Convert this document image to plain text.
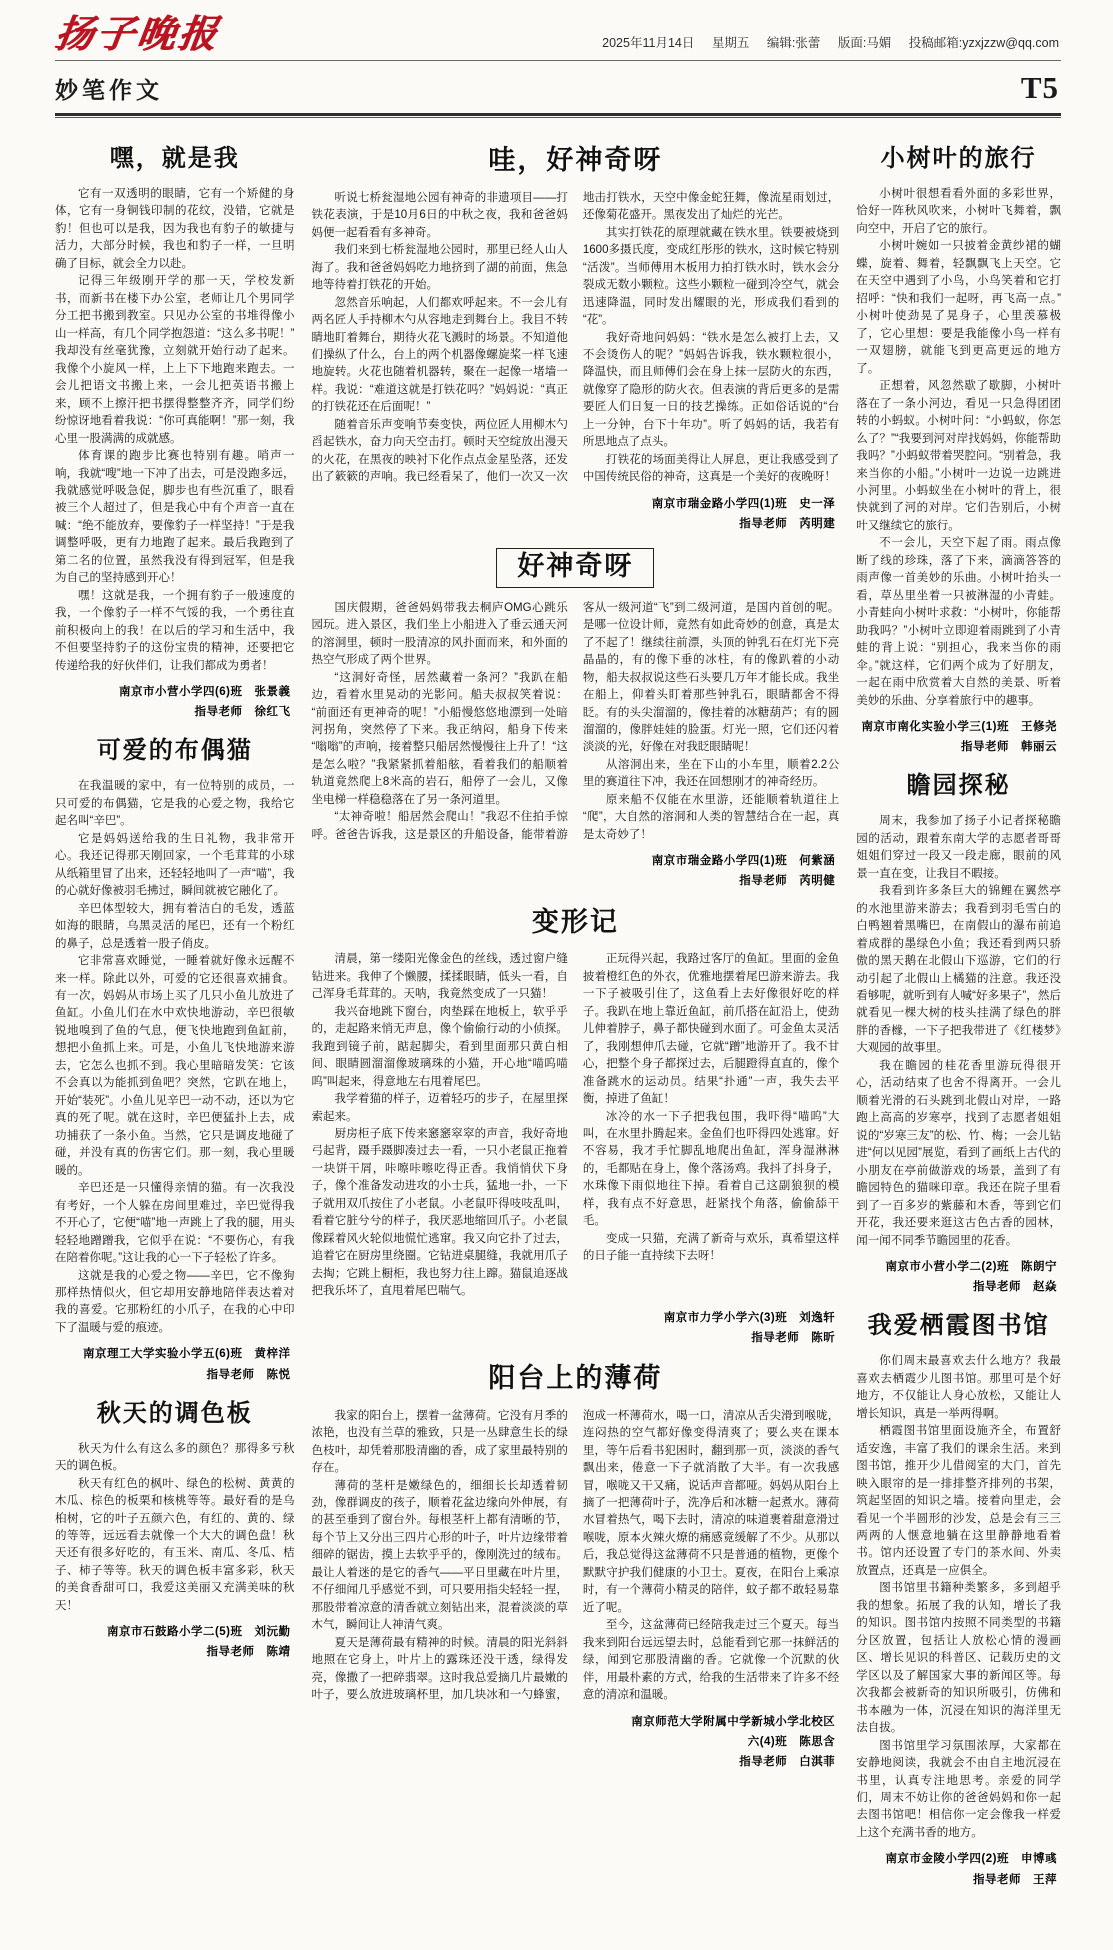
扬子晚报	2025年11月14日 星期五 编辑:张蕾 版面:马媚 投稿邮箱:yzxjzzw@qq.com
妙笔作文	T5
嘿，就是我

它有一双透明的眼睛，它有一个矫健的身体，它有一身铜钱印制的花纹，没错，它就是豹！但也可以是我，因为我也有豹子的敏捷与活力，大部分时候，我也和豹子一样，一旦明确了目标，就会全力以赴。

记得三年级刚开学的那一天，学校发新书，而新书在楼下办公室，老师让几个男同学分工把书搬到教室。只见办公室的书堆得像小山一样高，有几个同学抱怨道：“这么多书呢！”我却没有丝毫犹豫，立刻就开始行动了起来。我像个小旋风一样，上上下下地跑来跑去。一会儿把语文书搬上来，一会儿把英语书搬上来，顾不上擦汗把书摆得整整齐齐，同学们纷纷惊讶地看着我说：“你可真能啊！”那一刻，我心里一股满满的成就感。

体育课的跑步比赛也特别有趣。哨声一响，我就“嗖”地一下冲了出去，可是没跑多远，我就感觉呼吸急促，脚步也有些沉重了，眼看被三个人超过了，但是我心中有个声音一直在喊：“绝不能放弃，要像豹子一样坚持！”于是我调整呼吸，更有力地跑了起来。最后我跑到了第二名的位置，虽然我没有得到冠军，但是我为自己的坚持感到开心！

嘿！这就是我，一个拥有豹子一般速度的我，一个像豹子一样不气馁的我，一个勇往直前积极向上的我！在以后的学习和生活中，我不但要坚持豹子的这份宝贵的精神，还要把它传递给我的好伙伴们，让我们都成为勇者！

南京市小营小学四(6)班　张景義
指导老师　徐红飞
可爱的布偶猫

在我温暖的家中，有一位特别的成员，一只可爱的布偶猫，它是我的心爱之物，我给它起名叫“辛巴”。

它是妈妈送给我的生日礼物，我非常开心。我还记得那天刚回家，一个毛茸茸的小球从纸箱里冒了出来，还轻轻地叫了一声“喵”，我的心就好像被羽毛拂过，瞬间就被它融化了。

辛巴体型较大，拥有着洁白的毛发，透蓝如海的眼睛，乌黑灵活的尾巴，还有一个粉红的鼻子，总是透着一股子俏皮。

它非常喜欢睡觉，一睡着就好像永远醒不来一样。除此以外，可爱的它还很喜欢捕食。有一次，妈妈从市场上买了几只小鱼儿放进了鱼缸。小鱼儿们在水中欢快地游动，辛巴很敏锐地嗅到了鱼的气息，便飞快地跑到鱼缸前，想把小鱼抓上来。可是，小鱼儿飞快地游来游去，它怎么也抓不到。我心里暗暗发笑：它该不会真以为能抓到鱼吧？突然，它趴在地上，开始“装死”。小鱼儿见辛巴一动不动，还以为它真的死了呢。就在这时，辛巴便猛扑上去，成功捕获了一条小鱼。当然，它只是调皮地碰了碰，并没有真的伤害它们。那一刻，我心里暖暖的。

辛巴还是一只懂得亲情的猫。有一次我没有考好，一个人躲在房间里难过，辛巴觉得我不开心了，它便“喵”地一声跳上了我的腿，用头轻轻地蹭蹭我，它似乎在说：“不要伤心，有我在陪着你呢。”这让我的心一下子轻松了许多。

这就是我的心爱之物——辛巴，它不像狗那样热情似火，但它却用安静地陪伴表达着对我的喜爱。它那粉红的小爪子，在我的心中印下了温暖与爱的痕迹。

南京理工大学实验小学五(6)班　黄梓洋
指导老师　陈悦
秋天的调色板

秋天为什么有这么多的颜色？那得多亏秋天的调色板。

秋天有红色的枫叶、绿色的松树、黄黄的木瓜、棕色的板栗和核桃等等。最好看的是乌桕树，它的叶子五颜六色，有红的、黄的、绿的等等，远远看去就像一个大大的调色盘！秋天还有很多好吃的，有玉米、南瓜、冬瓜、桔子、柿子等等。秋天的调色板丰富多彩，秋天的美食香甜可口，我爱这美丽又充满美味的秋天！

南京市石鼓路小学二(5)班　刘沅勤
指导老师　陈靖
哇，好神奇呀

听说七桥瓮湿地公园有神奇的非遗项目——打铁花表演，于是10月6日的中秋之夜，我和爸爸妈妈便一起看看有多神奇。

我们来到七桥瓮湿地公园时，那里已经人山人海了。我和爸爸妈妈吃力地挤到了湖的前面，焦急地等待着打铁花的开始。

忽然音乐响起，人们都欢呼起来。不一会儿有两名匠人手持柳木勺从容地走到舞台上。我目不转睛地盯着舞台，期待火花飞溅时的场景。不知道他们操纵了什么，台上的两个机器像螺旋桨一样飞速地旋转。火花也随着机器转，聚在一起像一堵墙一样。我说：“难道这就是打铁花吗？”妈妈说：“真正的打铁花还在后面呢！”

随着音乐声变响节奏变快，两位匠人用柳木勺舀起铁水，奋力向天空击打。顿时天空绽放出漫天的火花，在黑夜的映衬下化作点点金星坠落，还发出了簌簌的声响。我已经看呆了，他们一次又一次地击打铁水，天空中像金蛇狂舞，像流星雨划过，还像菊花盛开。黑夜发出了灿烂的光芒。

其实打铁花的原理就藏在铁水里。铁要被烧到1600多摄氏度，变成红彤彤的铁水，这时候它特别“活泼”。当师傅用木板用力拍打铁水时，铁水会分裂成无数小颗粒。这些小颗粒一碰到冷空气，就会迅速降温，同时发出耀眼的光，形成我们看到的“花”。

我好奇地问妈妈：“铁水是怎么被打上去，又不会烫伤人的呢？”妈妈告诉我，铁水颗粒很小，降温快，而且师傅们会在身上抹一层防火的东西，就像穿了隐形的防火衣。但表演的背后更多的是需要匠人们日复一日的技艺操练。正如俗话说的“台上一分钟，台下十年功”。听了妈妈的话，我若有所思地点了点头。

打铁花的场面美得让人屏息，更让我感受到了中国传统民俗的神奇，这真是一个美好的夜晚呀！

南京市瑞金路小学四(1)班　史一泽
指导老师　芮明建
好神奇呀

国庆假期，爸爸妈妈带我去桐庐OMG心跳乐园玩。进入景区，我们坐上小船进入了垂云通天河的溶洞里，顿时一股清凉的风扑面而来，和外面的热空气形成了两个世界。

“这洞好奇怪，居然藏着一条河？”我趴在船边，看着水里晃动的光影问。船夫叔叔笑着说：“前面还有更神奇的呢！”小船慢悠悠地漂到一处暗河拐角，突然停了下来。我正纳闷，船身下传来“嗡嗡”的声响，接着整只船居然慢慢往上升了！“这是怎么啦？”我紧紧抓着船舷，看着我们的船顺着轨道竟然爬上8米高的岩石，船停了一会儿，又像坐电梯一样稳稳落在了另一条河道里。

“太神奇啦！船居然会爬山！”我忍不住拍手惊呼。爸爸告诉我，这是景区的升船设备，能带着游客从一级河道“飞”到二级河道，是国内首创的呢。是哪一位设计师，竟然有如此奇妙的创意，真是太了不起了！继续往前漂，头顶的钟乳石在灯光下亮晶晶的，有的像下垂的冰柱，有的像趴着的小动物，船夫叔叔说这些石头要几万年才能长成。我坐在船上，仰着头盯着那些钟乳石，眼睛都舍不得眨。有的头尖溜溜的，像挂着的冰糖葫芦；有的圆溜溜的，像胖娃娃的脸蛋。灯光一照，它们还闪着淡淡的光，好像在对我眨眼睛呢！

从溶洞出来，坐在下山的小车里，顺着2.2公里的赛道往下冲，我还在回想刚才的神奇经历。

原来船不仅能在水里游，还能顺着轨道往上“爬”，大自然的溶洞和人类的智慧结合在一起，真是太奇妙了！

南京市瑞金路小学四(1)班　何紫涵
指导老师　芮明健
变形记

清晨，第一缕阳光像金色的丝线，透过窗户缝钻进来。我伸了个懒腰，揉揉眼睛，低头一看，自己浑身毛茸茸的。天呐，我竟然变成了一只猫！

我兴奋地跳下窗台，肉垫踩在地板上，软乎乎的，走起路来悄无声息，像个偷偷行动的小侦探。我跑到镜子前，踮起脚尖，看到里面那只黄白相间、眼睛圆溜溜像玻璃珠的小猫，开心地“喵呜喵呜”叫起来，得意地左右甩着尾巴。

我学着猫的样子，迈着轻巧的步子，在屋里探索起来。

厨房柜子底下传来窸窸窣窣的声音，我好奇地弓起背，蹑手蹑脚凑过去一看，一只小老鼠正拖着一块饼干屑，咔嚓咔嚓吃得正香。我悄悄伏下身子，像个准备发动进攻的小士兵，猛地一扑，一下子就用双爪按住了小老鼠。小老鼠吓得吱吱乱叫，看着它脏兮兮的样子，我厌恶地缩回爪子。小老鼠像踩着风火轮似地慌忙逃窜。我又向它扑了过去，追着它在厨房里绕圈。它钻进桌腿缝，我就用爪子去掏；它跳上橱柜，我也努力往上蹿。猫鼠追逐战把我乐坏了，直甩着尾巴喘气。

正玩得兴起，我路过客厅的鱼缸。里面的金鱼披着橙红色的外衣，优雅地摆着尾巴游来游去。我一下子被吸引住了，这鱼看上去好像很好吃的样子。我趴在地上靠近鱼缸，前爪搭在缸沿上，使劲儿伸着脖子，鼻子都快碰到水面了。可金鱼太灵活了，我刚想伸爪去碰，它就“蹭”地游开了。我不甘心，把整个身子都探过去，后腿蹬得直直的，像个准备跳水的运动员。结果“扑通”一声，我失去平衡，掉进了鱼缸！

冰冷的水一下子把我包围，我吓得“喵呜”大叫，在水里扑腾起来。金鱼们也吓得四处逃窜。好不容易，我才手忙脚乱地爬出鱼缸，浑身湿淋淋的，毛都贴在身上，像个落汤鸡。我抖了抖身子，水珠像下雨似地往下掉。看着自己这副狼狈的模样，我有点不好意思，赶紧找个角落，偷偷舔干毛。

变成一只猫，充满了新奇与欢乐，真希望这样的日子能一直持续下去呀！

南京市力学小学六(3)班　刘逸轩
指导老师　陈昕
阳台上的薄荷

我家的阳台上，摆着一盆薄荷。它没有月季的浓艳，也没有兰草的雅致，只是一丛肆意生长的绿色枝叶，却凭着那股清幽的香，成了家里最特别的存在。

薄荷的茎杆是嫩绿色的，细细长长却透着韧劲，像群调皮的孩子，顺着花盆边缘向外伸展，有的甚至垂到了窗台外。每根茎杆上都有清晰的节，每个节上又分出三四片心形的叶子，叶片边缘带着细碎的锯齿，摸上去软乎乎的，像刚洗过的绒布。最让人着迷的是它的香气——平日里藏在叶片里，不仔细闻几乎感觉不到，可只要用指尖轻轻一捏，那股带着凉意的清香就立刻钻出来，混着淡淡的草木气，瞬间让人神清气爽。

夏天是薄荷最有精神的时候。清晨的阳光斜斜地照在它身上，叶片上的露珠还没干透，绿得发亮，像撒了一把碎翡翠。这时我总爱摘几片最嫩的叶子，要么放进玻璃杯里，加几块冰和一勺蜂蜜，泡成一杯薄荷水，喝一口，清凉从舌尖滑到喉咙，连闷热的空气都好像变得清爽了；要么夹在课本里，等午后看书犯困时，翻到那一页，淡淡的香气飘出来，倦意一下子就消散了大半。有一次我感冒，喉咙又干又痛，说话声音都哑。妈妈从阳台上摘了一把薄荷叶子，洗净后和冰糖一起煮水。薄荷水冒着热气，喝下去时，清凉的味道裹着甜意滑过喉咙，原本火辣火燎的痛感竟缓解了不少。从那以后，我总觉得这盆薄荷不只是普通的植物，更像个默默守护我们健康的小卫士。夏夜，在阳台上乘凉时，有一个薄荷小精灵的陪伴，蚊子都不敢轻易靠近了呢。

至今，这盆薄荷已经陪我走过三个夏天。每当我来到阳台远远望去时，总能看到它那一抹鲜活的绿，闻到它那股清幽的香。它就像一个沉默的伙伴，用最朴素的方式，给我的生活带来了许多不经意的清凉和温暖。

南京师范大学附属中学新城小学北校区
六(4)班　陈思含
指导老师　白淇菲
小树叶的旅行

小树叶很想看看外面的多彩世界，恰好一阵秋风吹来，小树叶飞舞着，飘向空中，开启了它的旅行。

小树叶婉如一只披着金黄纱裙的蝴蝶，旋着、舞着，轻飘飘飞上天空。它在天空中遇到了小鸟，小鸟笑着和它打招呼：“快和我们一起呀，再飞高一点。”小树叶使劲晃了晃身子，心里羡慕极了，它心里想：要是我能像小鸟一样有一双翅膀，就能飞到更高更远的地方了。

正想着，风忽然歇了歇脚，小树叶落在了一条小河边，看见一只急得团团转的小蚂蚁。小树叶问：“小蚂蚁，你怎么了？”“我要到河对岸找妈妈，你能帮助我吗？”小蚂蚁带着哭腔问。“别着急，我来当你的小船。”小树叶一边说一边跳进小河里。小蚂蚁坐在小树叶的背上，很快就到了河的对岸。它们告别后，小树叶又继续它的旅行。

不一会儿，天空下起了雨。雨点像断了线的珍珠，落了下来，滴滴答答的雨声像一首美妙的乐曲。小树叶抬头一看，草丛里坐着一只被淋湿的小青蛙。小青蛙向小树叶求救：“小树叶，你能帮助我吗？”小树叶立即迎着雨跳到了小青蛙的背上说：“别担心，我来当你的雨伞。”就这样，它们两个成为了好朋友，一起在雨中欣赏着大自然的美景、听着美妙的乐曲、分享着旅行中的趣事。

南京市南化实验小学三(1)班　王修尧
指导老师　韩丽云
瞻园探秘

周末，我参加了扬子小记者探秘瞻园的活动，跟着东南大学的志愿者哥哥姐姐们穿过一段又一段走廊，眼前的风景一直在变，让我目不暇接。

我看到许多条巨大的锦鲤在翼然亭的水池里游来游去；我看到羽毛雪白的白鸭翘着黑嘴巴，在南假山的瀑布前追着成群的墨绿色小鱼；我还看到两只骄傲的黑天鹅在北假山下巡游，它们的行动引起了北假山上橘猫的注意。我还没看够呢，就听到有人喊“好多果子”，然后就看见一棵大树的枝头挂满了绿色的胖胖的香橼，一下子把我带进了《红楼梦》大观园的故事里。

我在瞻园的桂花香里游玩得很开心，活动结束了也舍不得离开。一会儿顺着光滑的石头跳到北假山对岸，一路跑上高高的岁寒亭，找到了志愿者姐姐说的“岁寒三友”的松、竹、梅；一会儿钻进“何以见园”展览，看到了画纸上古代的小朋友在亭前做游戏的场景，盖到了有瞻园特色的猫咪印章。我还在院子里看到了一百多岁的紫藤和木香，等到它们开花，我还要来逛这古色古香的园林，闻一闻不同季节瞻园里的花香。

南京市小营小学二(2)班　陈朗宁
指导老师　赵焱
我爱栖霞图书馆

你们周末最喜欢去什么地方？我最喜欢去栖霞少儿图书馆。那里可是个好地方，不仅能让人身心放松，又能让人增长知识，真是一举两得啊。

栖霞图书馆里面设施齐全，布置舒适安逸，丰富了我们的课余生活。来到图书馆，推开少儿借阅室的大门，首先映入眼帘的是一排排整齐排列的书架，筑起坚固的知识之墙。接着向里走，会看见一个半圆形的沙发，总是会有三三两两的人惬意地躺在这里静静地看着书。馆内还设置了专门的茶水间、外卖放置点，还真是一应俱全。

图书馆里书籍种类繁多，多到超乎我的想象。拓展了我的认知，增长了我的知识。图书馆内按照不同类型的书籍分区放置，包括让人放松心情的漫画区、增长见识的科普区、记载历史的文学区以及了解国家大事的新闻区等。每次我都会被新奇的知识所吸引，仿佛和书本融为一体，沉浸在知识的海洋里无法自拔。

图书馆里学习氛围浓厚，大家都在安静地阅读，我就会不由自主地沉浸在书里，认真专注地思考。亲爱的同学们，周末不妨让你的爸爸妈妈和你一起去图书馆吧！相信你一定会像我一样爱上这个充满书香的地方。

南京市金陵小学四(2)班　申博彧
指导老师　王萍
